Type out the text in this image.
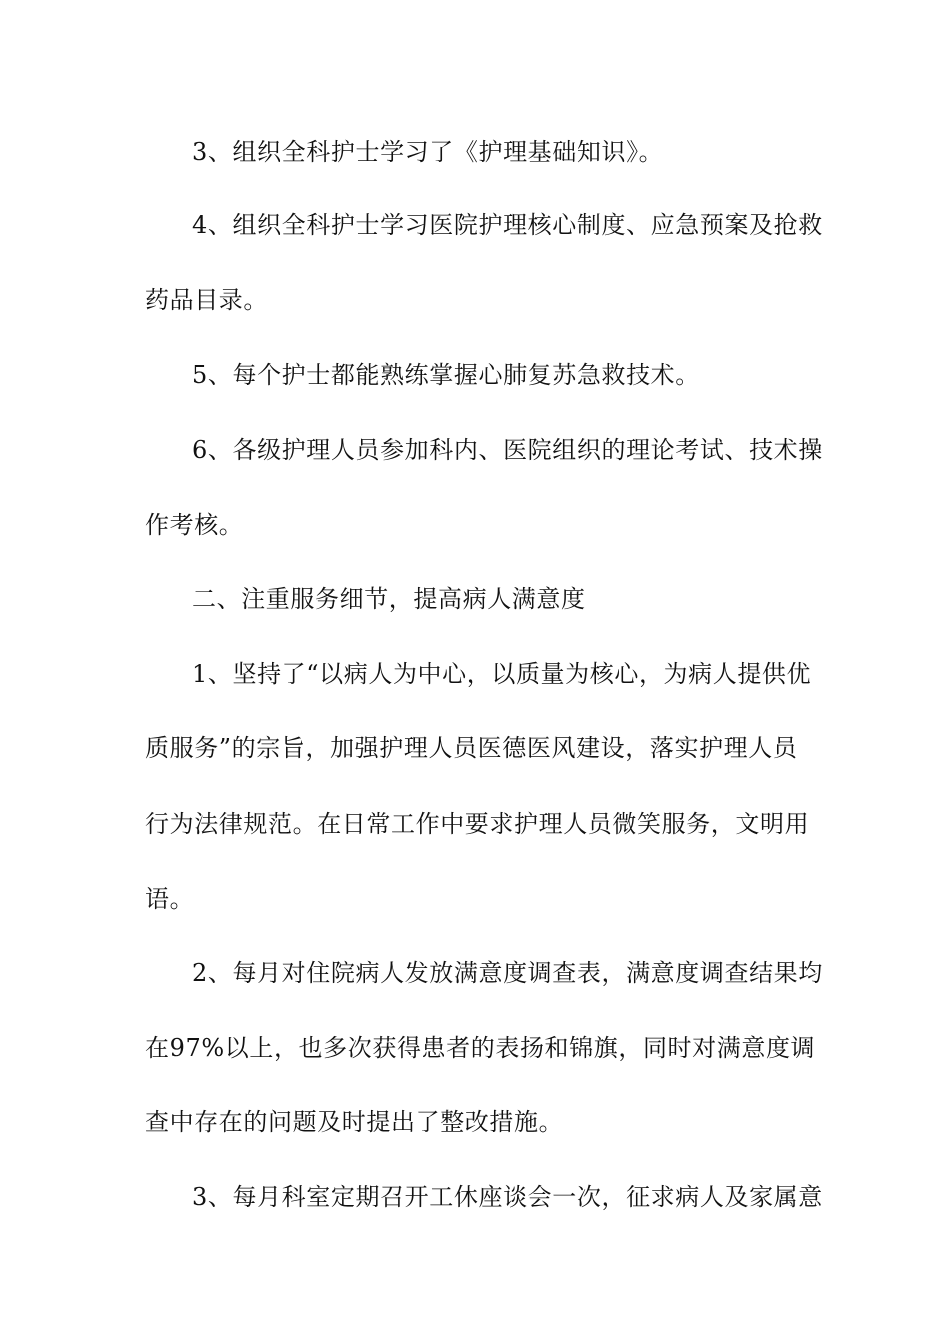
3、组织全科护士学习了《护理基础知识》。

4、组织全科护士学习医院护理核心制度、应急预案及抢救

药品目录。

5、每个护士都能熟练掌握心肺复苏急救技术。

6、各级护理人员参加科内、医院组织的理论考试、技术操

作考核。

二、注重服务细节，提高病人满意度

1、坚持了“以病人为中心，以质量为核心，为病人提供优

质服务”的宗旨，加强护理人员医德医风建设，落实护理人员

行为法律规范。在日常工作中要求护理人员微笑服务，文明用

语。

2、每月对住院病人发放满意度调查表，满意度调查结果均

在97%以上，也多次获得患者的表扬和锦旗，同时对满意度调

查中存在的问题及时提出了整改措施。

3、每月科室定期召开工休座谈会一次，征求病人及家属意
